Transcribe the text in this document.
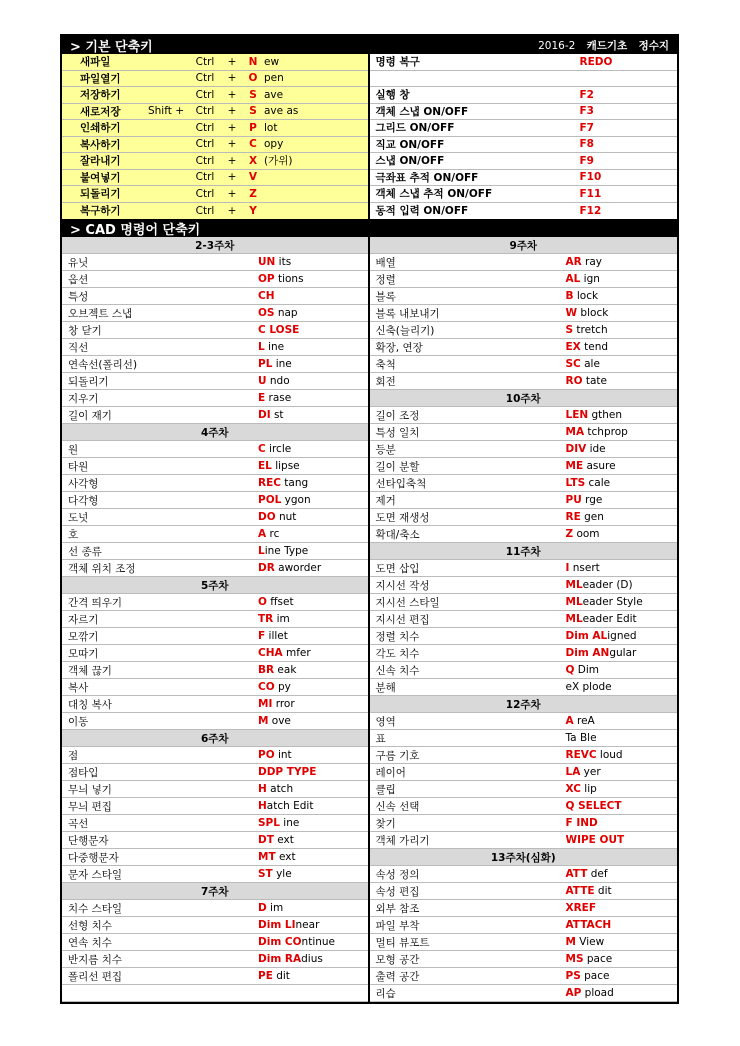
> 기본 단축키	2016-2 캐드기초 정수지
새파일	Ctrl	+	N ew
파일열기	Ctrl	+	O pen
저장하기	Ctrl	+	S ave
새로저장	Shift +	Ctrl	+	S ave as
인쇄하기	Ctrl	+	P lot
복사하기	Ctrl	+	C opy
잘라내기	Ctrl	+	X (가위)
붙여넣기	Ctrl	+	V
되돌리기	Ctrl	+	Z
복구하기	Ctrl	+	Y
명령 복구	REDO
실행 창	F2
객체 스냅 ON/OFF	F3
그리드 ON/OFF	F7
직교 ON/OFF	F8
스냅 ON/OFF	F9
극좌표 추적 ON/OFF	F10
객체 스냅 추적 ON/OFF	F11
동적 입력 ON/OFF	F12
> CAD 명령어 단축키
2-3주차
유닛	UN its
옵션	OP tions
특성	CH
오브젝트 스냅	OS nap
창 닫기	C LOSE
직선	L ine
연속선(폴리선)	PL ine
되돌리기	U ndo
지우기	E rase
길이 재기	DI st
4주차
원	C ircle
타원	EL lipse
사각형	REC tang
다각형	POL ygon
도넛	DO nut
호	A rc
선 종류	Line Type
객체 위치 조정	DR aworder
5주차
간격 띄우기	O ffset
자르기	TR im
모깎기	F illet
모따기	CHA mfer
객체 끊기	BR eak
복사	CO py
대칭 복사	MI rror
이동	M ove
6주차
점	PO int
점타입	DDP TYPE
무늬 넣기	H atch
무늬 편집	Hatch Edit
곡선	SPL ine
단행문자	DT ext
다중행문자	MT ext
문자 스타일	ST yle
7주차
치수 스타일	D im
선형 치수	Dim LInear
연속 치수	Dim COntinue
반지름 치수	Dim RAdius
폴리선 편집	PE dit
9주차
배열	AR ray
정렬	AL ign
블록	B lock
블록 내보내기	W block
신축(늘리기)	S tretch
확장, 연장	EX tend
축척	SC ale
회전	RO tate
10주차
길이 조정	LEN gthen
특성 일치	MA tchprop
등분	DIV ide
길이 분할	ME asure
선타입축척	LTS cale
제거	PU rge
도면 재생성	RE gen
확대/축소	Z oom
11주차
도면 삽입	I nsert
지시선 작성	MLeader (D)
지시선 스타일	MLeader Style
지시선 편집	MLeader Edit
정렬 치수	Dim ALigned
각도 치수	Dim ANgular
신속 치수	Q Dim
분해	eX plode
12주차
영역	A reA
표	Ta Ble
구름 기호	REVC loud
레이어	LA yer
클립	XC lip
신속 선택	Q SELECT
찾기	F IND
객체 가리기	WIPE OUT
13주차(심화)
속성 정의	ATT def
속성 편집	ATTE dit
외부 참조	XREF
파일 부착	ATTACH
멀티 뷰포트	M View
모형 공간	MS pace
출력 공간	PS pace
리습	AP pload
